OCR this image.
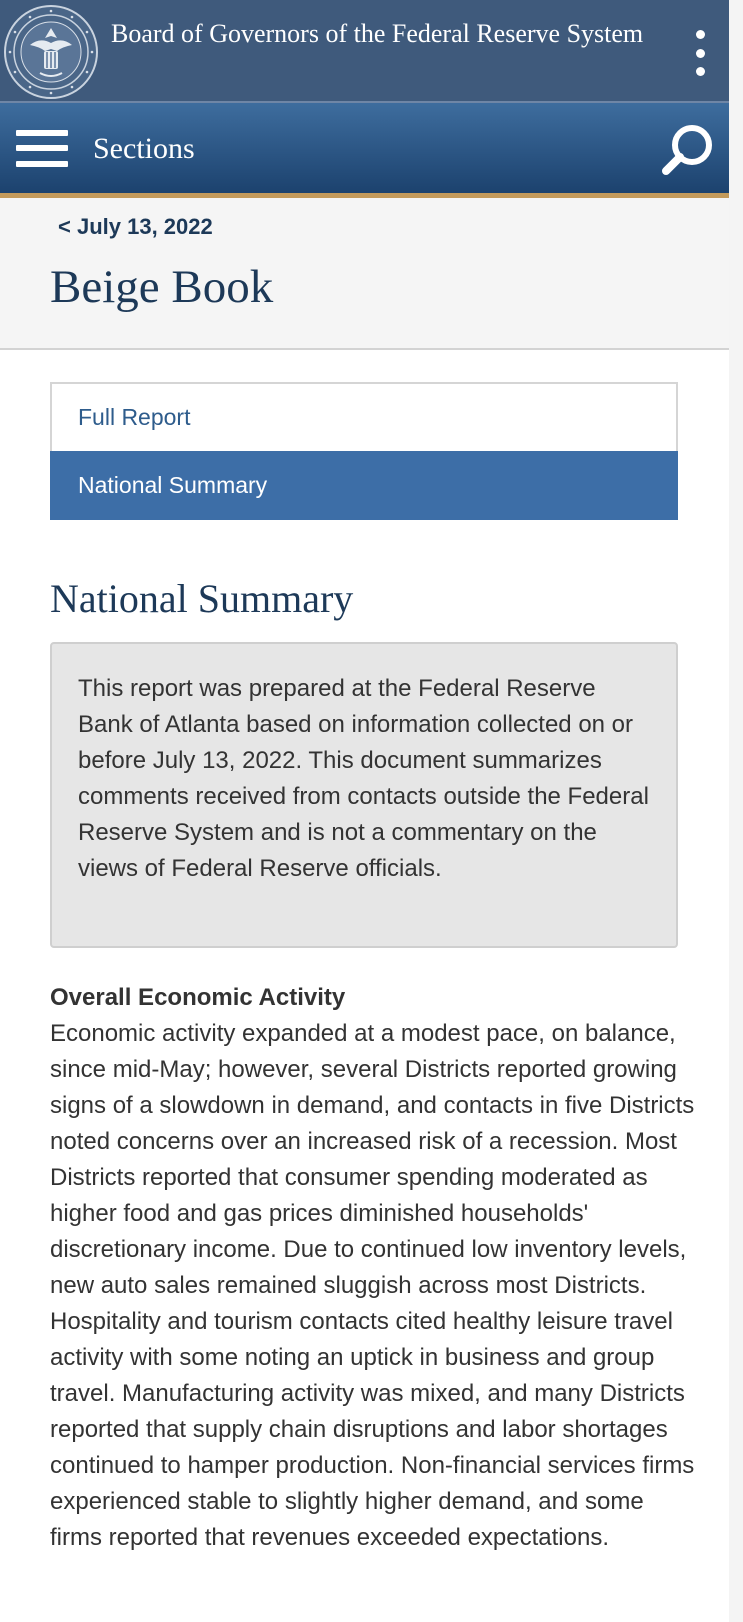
Board of Governors of the Federal Reserve System
Sections
< July 13, 2022
Beige Book
Full Report
National Summary
National Summary
This report was prepared at the Federal Reserve Bank of Atlanta based on information collected on or before July 13, 2022. This document summarizes comments received from contacts outside the Federal Reserve System and is not a commentary on the views of Federal Reserve officials.
Overall Economic Activity
Economic activity expanded at a modest pace, on balance, since mid-May; however, several Districts reported growing signs of a slowdown in demand, and contacts in five Districts noted concerns over an increased risk of a recession. Most Districts reported that consumer spending moderated as higher food and gas prices diminished households' discretionary income. Due to continued low inventory levels, new auto sales remained sluggish across most Districts. Hospitality and tourism contacts cited healthy leisure travel activity with some noting an uptick in business and group travel. Manufacturing activity was mixed, and many Districts reported that supply chain disruptions and labor shortages continued to hamper production. Non-financial services firms experienced stable to slightly higher demand, and some firms reported that revenues exceeded expectations.
